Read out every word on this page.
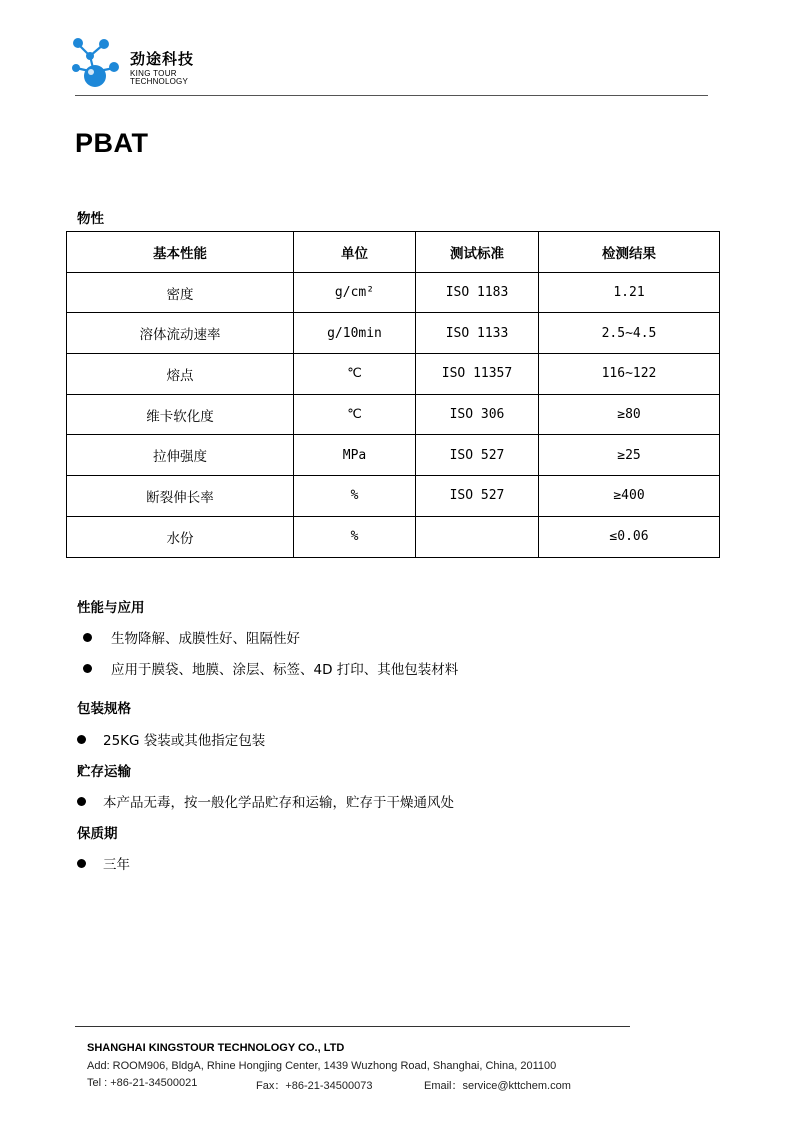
劲途科技
KING TOUR
TECHNOLOGY
PBAT
物性
基本性能	单位	测试标准	检测结果
密度	g/cm²	ISO 1183	1.21
溶体流动速率	g/10min	ISO 1133	2.5~4.5
熔点	℃	ISO 11357	116~122
维卡软化度	℃	ISO 306	≥80
拉伸强度	MPa	ISO 527	≥25
断裂伸长率	%	ISO 527	≥400
水份	%		≤0.06
性能与应用
生物降解、成膜性好、阻隔性好
应用于膜袋、地膜、涂层、标签、4D 打印、其他包装材料
包装规格
25KG 袋装或其他指定包装
贮存运输
本产品无毒，按一般化学品贮存和运输，贮存于干燥通风处
保质期
三年
SHANGHAI KINGSTOUR TECHNOLOGY CO., LTD
Add: ROOM906, BldgA, Rhine Hongjing Center, 1439 Wuzhong Road, Shanghai, China, 201100
Tel : +86-21-34500021	Fax：+86-21-34500073	Email：service@kttchem.com
